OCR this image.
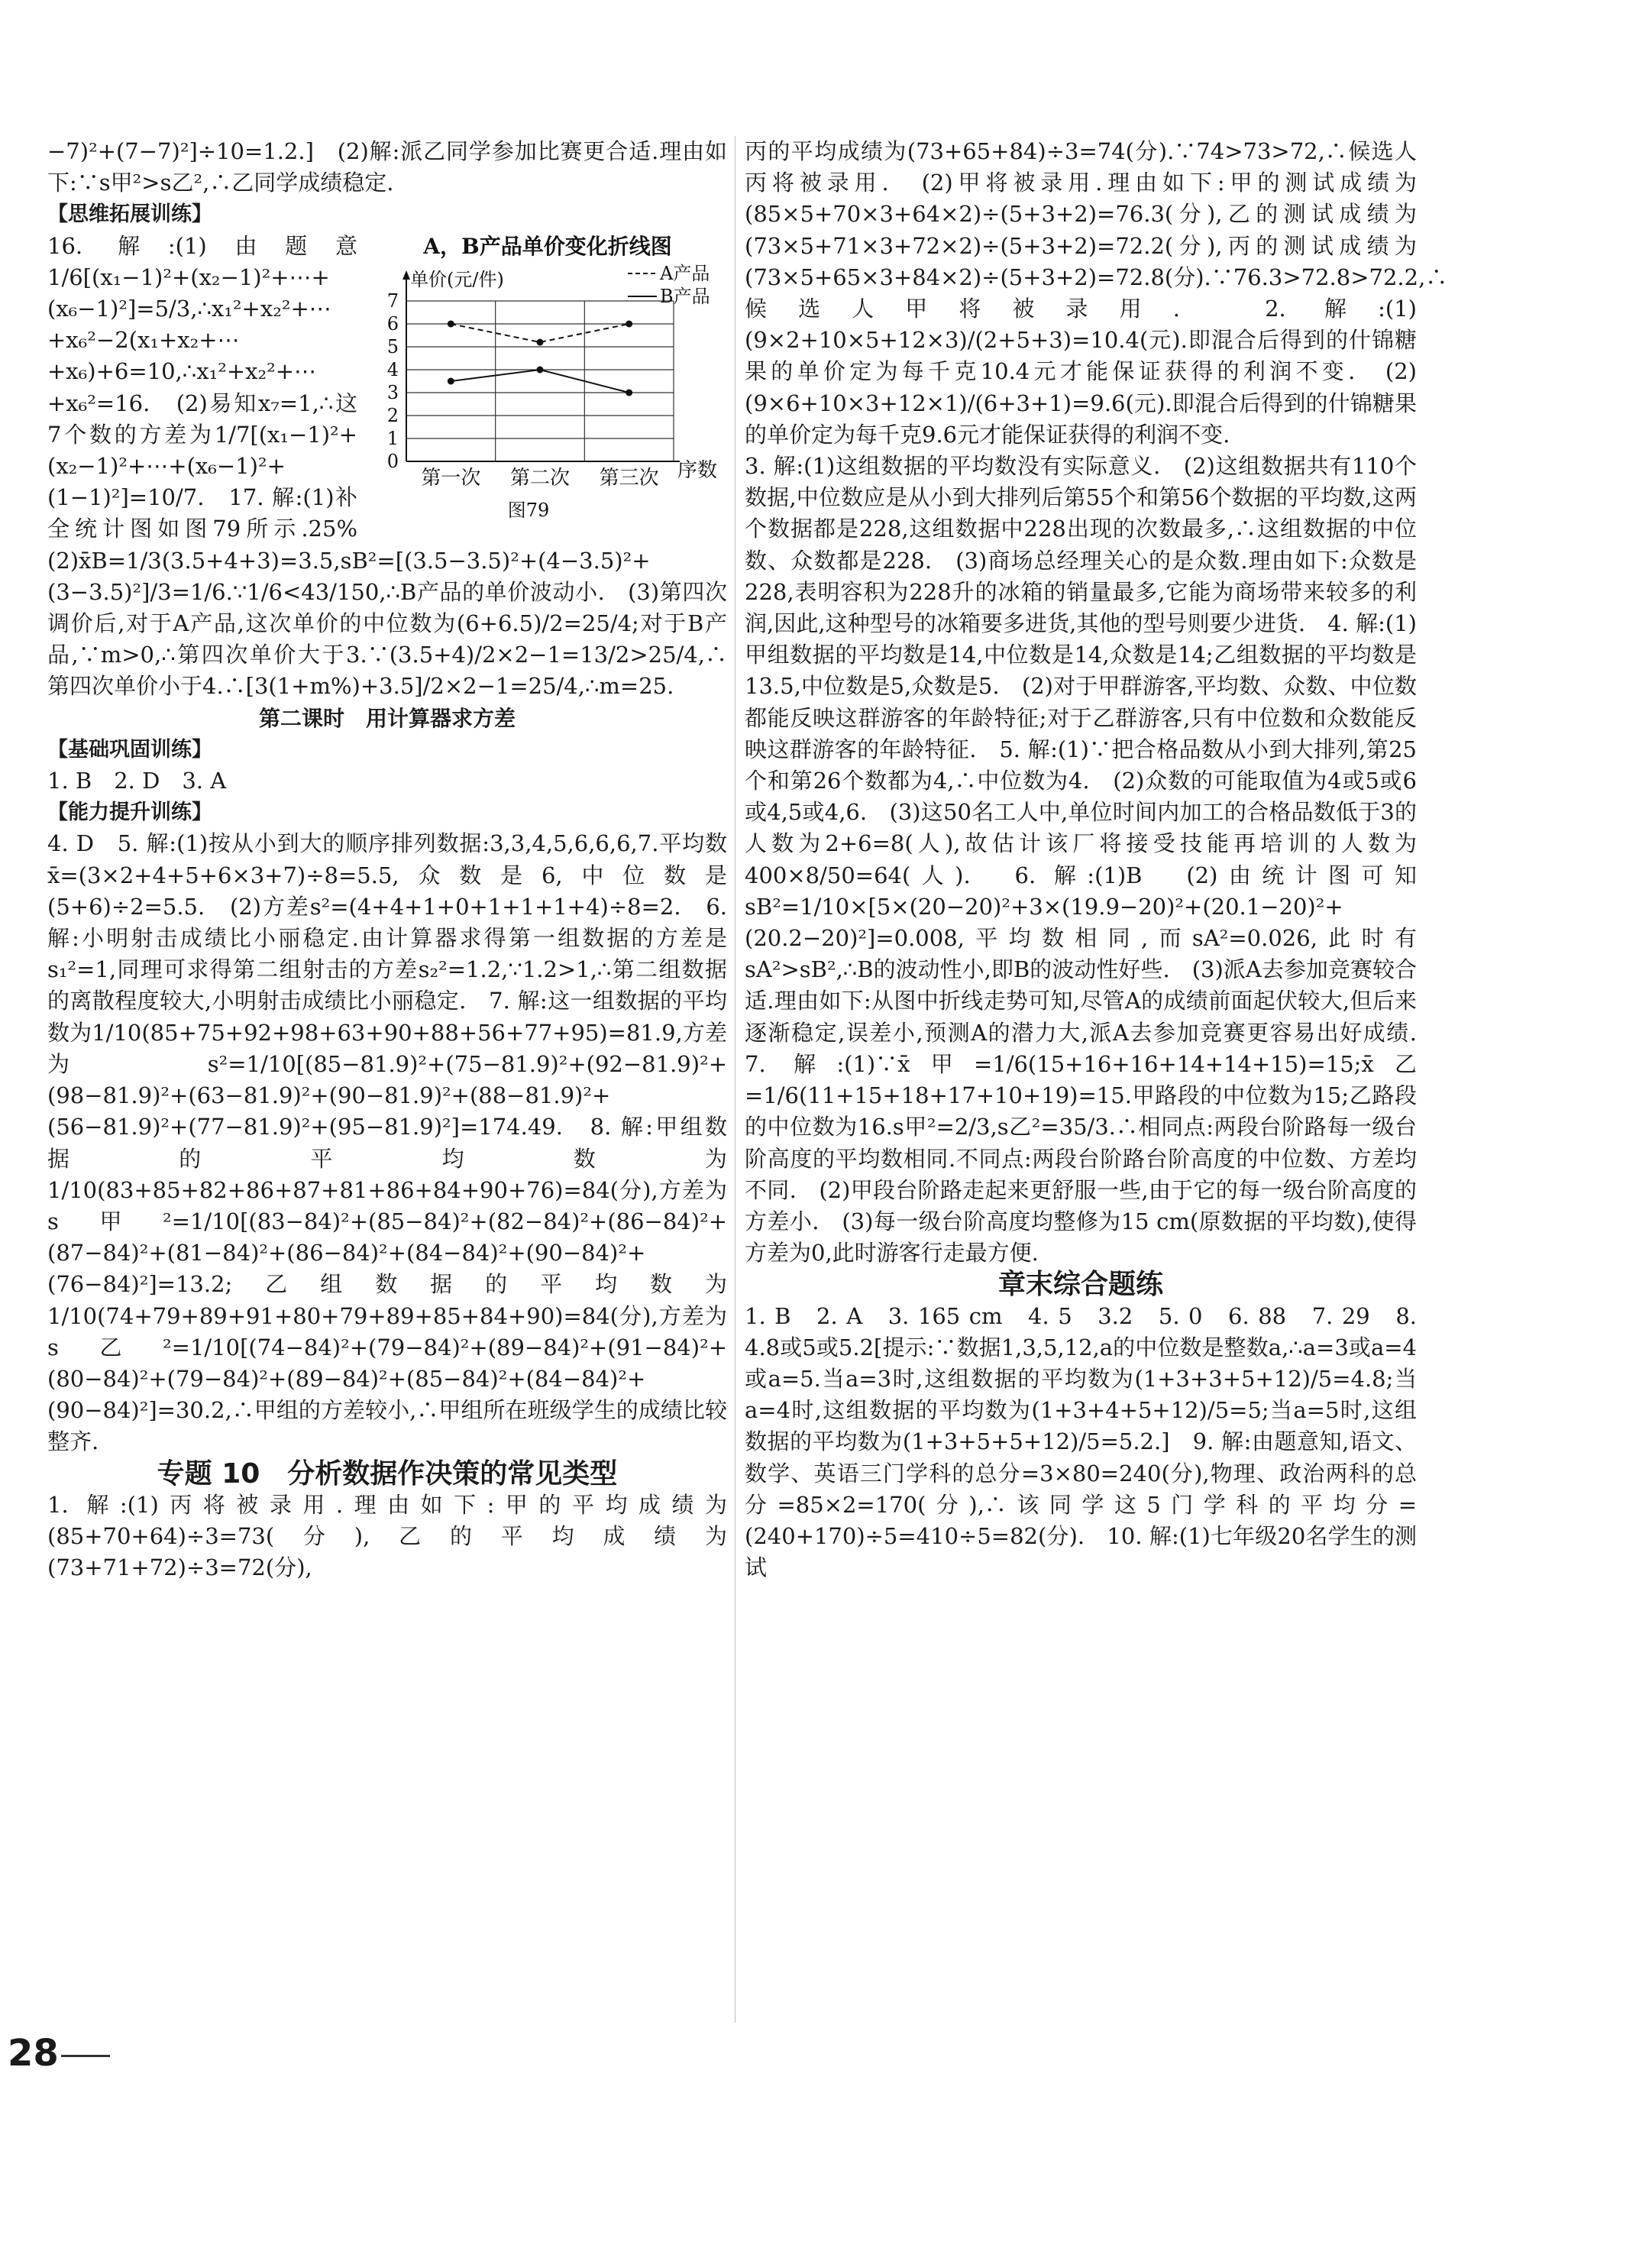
−7)²+(7−7)²]÷10=1.2.]　(2)解:派乙同学参加比赛更合适.理由如下:∵s甲²>s乙²,∴乙同学成绩稳定.

【思维拓展训练】

A，B产品单价变化折线图
单价(元/件)
序数
图79
0
1
2
3
4
5
6
7
第一次 第二次 第三次
A产品
B产品

16. 解:(1)由题意1/6[(x₁−1)²+(x₂−1)²+⋯+(x₆−1)²]=5/3,∴x₁²+x₂²+⋯+x₆²−2(x₁+x₂+⋯+x₆)+6=10,∴x₁²+x₂²+⋯+x₆²=16.　(2)易知x₇=1,∴这7个数的方差为1/7[(x₁−1)²+(x₂−1)²+⋯+(x₆−1)²+(1−1)²]=10/7.　17. 解:(1)补全统计图如图79所示.25%　(2)x̄B=1/3(3.5+4+3)=3.5,sB²=[(3.5−3.5)²+(4−3.5)²+(3−3.5)²]/3=1/6.∵1/6<43/150,∴B产品的单价波动小.　(3)第四次调价后,对于A产品,这次单价的中位数为(6+6.5)/2=25/4;对于B产品,∵m>0,∴第四次单价大于3.∵(3.5+4)/2×2−1=13/2>25/4,∴第四次单价小于4.∴[3(1+m%)+3.5]/2×2−1=25/4,∴m=25.

第二课时　用计算器求方差

【基础巩固训练】

1. B　2. D　3. A

【能力提升训练】

4. D　5. 解:(1)按从小到大的顺序排列数据:3,3,4,5,6,6,6,7.平均数x̄=(3×2+4+5+6×3+7)÷8=5.5,众数是6,中位数是(5+6)÷2=5.5.　(2)方差s²=(4+4+1+0+1+1+1+4)÷8=2.　6. 解:小明射击成绩比小丽稳定.由计算器求得第一组数据的方差是s₁²=1,同理可求得第二组射击的方差s₂²=1.2,∵1.2>1,∴第二组数据的离散程度较大,小明射击成绩比小丽稳定.　7. 解:这一组数据的平均数为1/10(85+75+92+98+63+90+88+56+77+95)=81.9,方差为s²=1/10[(85−81.9)²+(75−81.9)²+(92−81.9)²+(98−81.9)²+(63−81.9)²+(90−81.9)²+(88−81.9)²+(56−81.9)²+(77−81.9)²+(95−81.9)²]=174.49.　8. 解:甲组数据的平均数为1/10(83+85+82+86+87+81+86+84+90+76)=84(分),方差为s甲²=1/10[(83−84)²+(85−84)²+(82−84)²+(86−84)²+(87−84)²+(81−84)²+(86−84)²+(84−84)²+(90−84)²+(76−84)²]=13.2;乙组数据的平均数为1/10(74+79+89+91+80+79+89+85+84+90)=84(分),方差为s乙²=1/10[(74−84)²+(79−84)²+(89−84)²+(91−84)²+(80−84)²+(79−84)²+(89−84)²+(85−84)²+(84−84)²+(90−84)²]=30.2,∴甲组的方差较小,∴甲组所在班级学生的成绩比较整齐.

专题 10　分析数据作决策的常见类型

1. 解:(1)丙将被录用.理由如下:甲的平均成绩为(85+70+64)÷3=73(分),乙的平均成绩为(73+71+72)÷3=72(分),

丙的平均成绩为(73+65+84)÷3=74(分).∵74>73>72,∴候选人丙将被录用.　(2)甲将被录用.理由如下:甲的测试成绩为(85×5+70×3+64×2)÷(5+3+2)=76.3(分),乙的测试成绩为(73×5+71×3+72×2)÷(5+3+2)=72.2(分),丙的测试成绩为(73×5+65×3+84×2)÷(5+3+2)=72.8(分).∵76.3>72.8>72.2,∴候选人甲将被录用.　2. 解:(1)(9×2+10×5+12×3)/(2+5+3)=10.4(元).即混合后得到的什锦糖果的单价定为每千克10.4元才能保证获得的利润不变.　(2)(9×6+10×3+12×1)/(6+3+1)=9.6(元).即混合后得到的什锦糖果的单价定为每千克9.6元才能保证获得的利润不变.

3. 解:(1)这组数据的平均数没有实际意义.　(2)这组数据共有110个数据,中位数应是从小到大排列后第55个和第56个数据的平均数,这两个数据都是228,这组数据中228出现的次数最多,∴这组数据的中位数、众数都是228.　(3)商场总经理关心的是众数.理由如下:众数是228,表明容积为228升的冰箱的销量最多,它能为商场带来较多的利润,因此,这种型号的冰箱要多进货,其他的型号则要少进货.　4. 解:(1)甲组数据的平均数是14,中位数是14,众数是14;乙组数据的平均数是13.5,中位数是5,众数是5.　(2)对于甲群游客,平均数、众数、中位数都能反映这群游客的年龄特征;对于乙群游客,只有中位数和众数能反映这群游客的年龄特征.　5. 解:(1)∵把合格品数从小到大排列,第25个和第26个数都为4,∴中位数为4.　(2)众数的可能取值为4或5或6或4,5或4,6.　(3)这50名工人中,单位时间内加工的合格品数低于3的人数为2+6=8(人),故估计该厂将接受技能再培训的人数为400×8/50=64(人).　6. 解:(1)B　(2)由统计图可知sB²=1/10×[5×(20−20)²+3×(19.9−20)²+(20.1−20)²+(20.2−20)²]=0.008,平均数相同,而sA²=0.026,此时有sA²>sB²,∴B的波动性小,即B的波动性好些.　(3)派A去参加竞赛较合适.理由如下:从图中折线走势可知,尽管A的成绩前面起伏较大,但后来逐渐稳定,误差小,预测A的潜力大,派A去参加竞赛更容易出好成绩.　7. 解:(1)∵x̄甲=1/6(15+16+16+14+14+15)=15;x̄乙=1/6(11+15+18+17+10+19)=15.甲路段的中位数为15;乙路段的中位数为16.s甲²=2/3,s乙²=35/3.∴相同点:两段台阶路每一级台阶高度的平均数相同.不同点:两段台阶路台阶高度的中位数、方差均不同.　(2)甲段台阶路走起来更舒服一些,由于它的每一级台阶高度的方差小.　(3)每一级台阶高度均整修为15 cm(原数据的平均数),使得方差为0,此时游客行走最方便.

章末综合题练

1. B　2. A　3. 165 cm　4. 5　3.2　5. 0　6. 88　7. 29　8. 4.8或5或5.2[提示:∵数据1,3,5,12,a的中位数是整数a,∴a=3或a=4或a=5.当a=3时,这组数据的平均数为(1+3+3+5+12)/5=4.8;当a=4时,这组数据的平均数为(1+3+4+5+12)/5=5;当a=5时,这组数据的平均数为(1+3+5+5+12)/5=5.2.]　9. 解:由题意知,语文、数学、英语三门学科的总分=3×80=240(分),物理、政治两科的总分=85×2=170(分),∴该同学这5门学科的平均分=(240+170)÷5=410÷5=82(分).　10. 解:(1)七年级20名学生的测试

28
